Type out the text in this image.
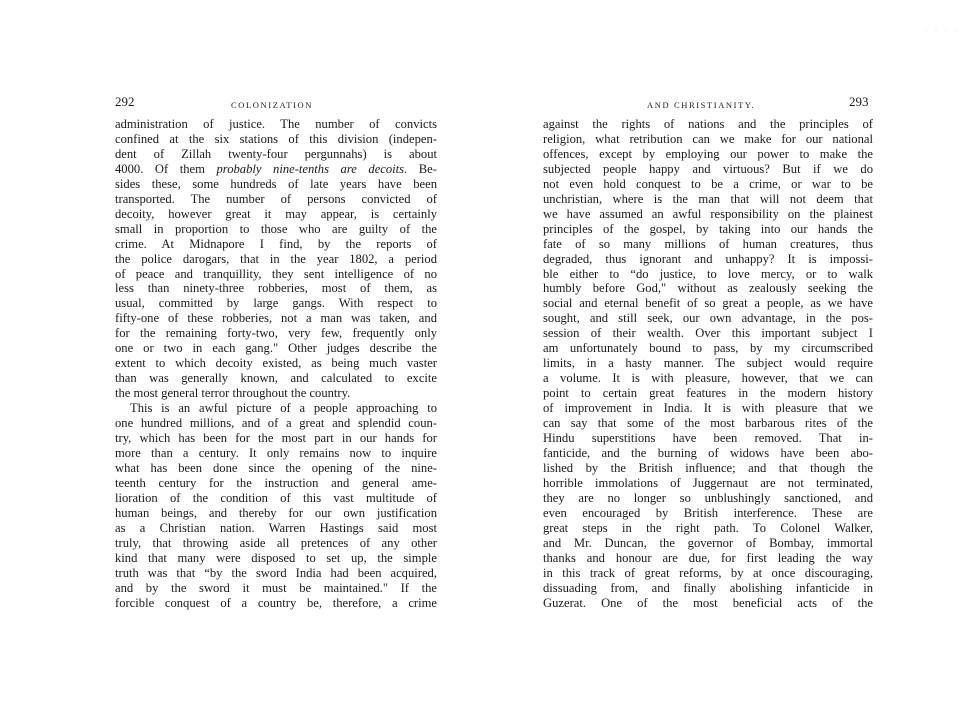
. . . .
292	COLONIZATION
administration of justice. The number of convicts
confined at the six stations of this division (indepen-
dent of Zillah twenty-four pergunnahs) is about
4000. Of them probably nine-tenths are decoits. Be-
sides these, some hundreds of late years have been
transported. The number of persons convicted of
decoity, however great it may appear, is certainly
small in proportion to those who are guilty of the
crime. At Midnapore I find, by the reports of
the police darogars, that in the year 1802, a period
of peace and tranquillity, they sent intelligence of no
less than ninety-three robberies, most of them, as
usual, committed by large gangs. With respect to
fifty-one of these robberies, not a man was taken, and
for the remaining forty-two, very few, frequently only
one or two in each gang." Other judges describe the
extent to which decoity existed, as being much vaster
than was generally known, and calculated to excite
the most general terror throughout the country.
This is an awful picture of a people approaching to
one hundred millions, and of a great and splendid coun-
try, which has been for the most part in our hands for
more than a century. It only remains now to inquire
what has been done since the opening of the nine-
teenth century for the instruction and general ame-
lioration of the condition of this vast multitude of
human beings, and thereby for our own justification
as a Christian nation. Warren Hastings said most
truly, that throwing aside all pretences of any other
kind that many were disposed to set up, the simple
truth was that “by the sword India had been acquired,
and by the sword it must be maintained." If the
forcible conquest of a country be, therefore, a crime
AND CHRISTIANITY.	293
against the rights of nations and the principles of
religion, what retribution can we make for our national
offences, except by employing our power to make the
subjected people happy and virtuous? But if we do
not even hold conquest to be a crime, or war to be
unchristian, where is the man that will not deem that
we have assumed an awful responsibility on the plainest
principles of the gospel, by taking into our hands the
fate of so many millions of human creatures, thus
degraded, thus ignorant and unhappy? It is impossi-
ble either to “do justice, to love mercy, or to walk
humbly before God," without as zealously seeking the
social and eternal benefit of so great a people, as we have
sought, and still seek, our own advantage, in the pos-
session of their wealth. Over this important subject I
am unfortunately bound to pass, by my circumscribed
limits, in a hasty manner. The subject would require
a volume. It is with pleasure, however, that we can
point to certain great features in the modern history
of improvement in India. It is with pleasure that we
can say that some of the most barbarous rites of the
Hindu superstitions have been removed. That in-
fanticide, and the burning of widows have been abo-
lished by the British influence; and that though the
horrible immolations of Juggernaut are not terminated,
they are no longer so unblushingly sanctioned, and
even encouraged by British interference. These are
great steps in the right path. To Colonel Walker,
and Mr. Duncan, the governor of Bombay, immortal
thanks and honour are due, for first leading the way
in this track of great reforms, by at once discouraging,
dissuading from, and finally abolishing infanticide in
Guzerat. One of the most beneficial acts of the
